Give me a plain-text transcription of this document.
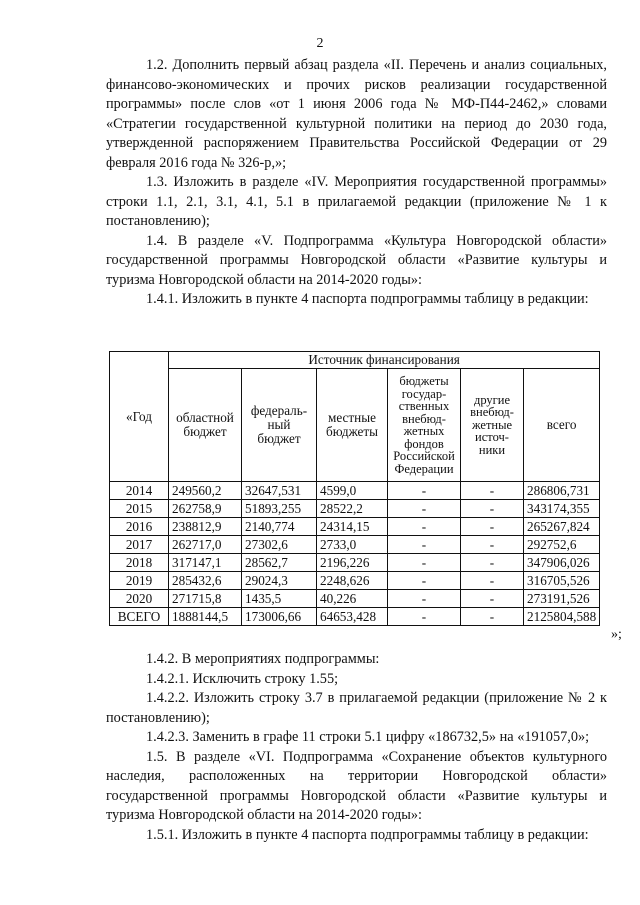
2

1.2. Дополнить первый абзац раздела «II. Перечень и анализ социальных, финансово-экономических и прочих рисков реализации государственной программы» после слов «от 1 июня 2006 года № МФ-П44-2462,» словами «Стратегии государственной культурной политики на период до 2030 года, утвержденной распоряжением Правительства Российской Федерации от 29 февраля 2016 года № 326-р,»;

1.3. Изложить в разделе «IV. Мероприятия государственной программы» строки 1.1, 2.1, 3.1, 4.1, 5.1 в прилагаемой редакции (приложение № 1 к постановлению);

1.4. В разделе «V. Подпрограмма «Культура Новгородской области» государственной программы Новгородской области «Развитие культуры и туризма Новгородской области на 2014-2020 годы»:

1.4.1. Изложить в пункте 4 паспорта подпрограммы таблицу в редакции:

«Год	Источник финансирования					
	областной бюджет	федераль-ный бюджет	местные бюджеты	бюджеты государ-ственных внебюд-жетных фондов Российской Федерации	другие внебюд-жетные источ-ники	всего
2014	249560,2	32647,531	4599,0	-	-	286806,731
2015	262758,9	51893,255	28522,2	-	-	343174,355
2016	238812,9	2140,774	24314,15	-	-	265267,824
2017	262717,0	27302,6	2733,0	-	-	292752,6
2018	317147,1	28562,7	2196,226	-	-	347906,026
2019	285432,6	29024,3	2248,626	-	-	316705,526
2020	271715,8	1435,5	40,226	-	-	273191,526
ВСЕГО	1888144,5	173006,66	64653,428	-	-	2125804,588
»;

1.4.2. В мероприятиях подпрограммы:

1.4.2.1. Исключить строку 1.55;

1.4.2.2. Изложить строку 3.7 в прилагаемой редакции (приложение № 2 к постановлению);

1.4.2.3. Заменить в графе 11 строки 5.1 цифру «186732,5» на «191057,0»;

1.5. В разделе «VI. Подпрограмма «Сохранение объектов культурного наследия, расположенных на территории Новгородской области» государственной программы Новгородской области «Развитие культуры и туризма Новгородской области на 2014-2020 годы»:

1.5.1. Изложить в пункте 4 паспорта подпрограммы таблицу в редакции:
